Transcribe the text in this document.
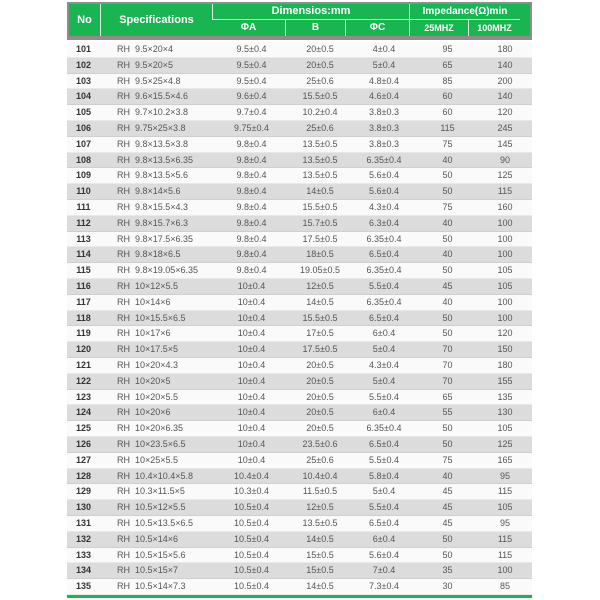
No	Specifications
Dimensios:mm	Impedance(Ω)min
ΦA	B	ΦC	25MHZ	100MHZ
101	RH  9.5×20×4	9.5±0.4	20±0.5	4±0.4	95	180
102	RH  9.5×20×5	9.5±0.4	20±0.5	5±0.4	65	140
103	RH  9.5×25×4.8	9.5±0.4	25±0.6	4.8±0.4	85	200
104	RH  9.6×15.5×4.6	9.6±0.4	15.5±0.5	4.6±0.4	60	140
105	RH  9.7×10.2×3.8	9.7±0.4	10.2±0.4	3.8±0.3	60	120
106	RH  9.75×25×3.8	9.75±0.4	25±0.6	3.8±0.3	115	245
107	RH  9.8×13.5×3.8	9.8±0.4	13.5±0.5	3.8±0.3	75	145
108	RH  9.8×13.5×6.35	9.8±0.4	13.5±0.5	6.35±0.4	40	90
109	RH  9.8×13.5×5.6	9.8±0.4	13.5±0.5	5.6±0.4	50	125
110	RH  9.8×14×5.6	9.8±0.4	14±0.5	5.6±0.4	50	115
111	RH  9.8×15.5×4.3	9.8±0.4	15.5±0.5	4.3±0.4	75	160
112	RH  9.8×15.7×6.3	9.8±0.4	15.7±0.5	6.3±0.4	40	100
113	RH  9.8×17.5×6.35	9.8±0.4	17.5±0.5	6.35±0.4	50	100
114	RH  9.8×18×6.5	9.8±0.4	18±0.5	6.5±0.4	40	100
115	RH  9.8×19.05×6.35	9.8±0.4	19.05±0.5	6.35±0.4	50	105
116	RH  10×12×5.5	10±0.4	12±0.5	5.5±0.4	45	105
117	RH  10×14×6	10±0.4	14±0.5	6.35±0.4	40	100
118	RH  10×15.5×6.5	10±0.4	15.5±0.5	6.5±0.4	50	100
119	RH  10×17×6	10±0.4	17±0.5	6±0.4	50	120
120	RH  10×17.5×5	10±0.4	17.5±0.5	5±0.4	70	150
121	RH  10×20×4.3	10±0.4	20±0.5	4.3±0.4	70	180
122	RH  10×20×5	10±0.4	20±0.5	5±0.4	70	155
123	RH  10×20×5.5	10±0.4	20±0.5	5.5±0.4	65	135
124	RH  10×20×6	10±0.4	20±0.5	6±0.4	55	130
125	RH  10×20×6.35	10±0.4	20±0.5	6.35±0.4	50	105
126	RH  10×23.5×6.5	10±0.4	23.5±0.6	6.5±0.4	50	125
127	RH  10×25×5.5	10±0.4	25±0.6	5.5±0.4	75	165
128	RH  10.4×10.4×5.8	10.4±0.4	10.4±0.4	5.8±0.4	40	95
129	RH  10.3×11.5×5	10.3±0.4	11.5±0.5	5±0.4	45	115
130	RH  10.5×12×5.5	10.5±0.4	12±0.5	5.5±0.4	45	105
131	RH  10.5×13.5×6.5	10.5±0.4	13.5±0.5	6.5±0.4	45	95
132	RH  10.5×14×6	10.5±0.4	14±0.5	6±0.4	50	115
133	RH  10.5×15×5.6	10.5±0.4	15±0.5	5.6±0.4	50	115
134	RH  10.5×15×7	10.5±0.4	15±0.5	7±0.4	35	100
135	RH  10.5×14×7.3	10.5±0.4	14±0.5	7.3±0.4	30	85
